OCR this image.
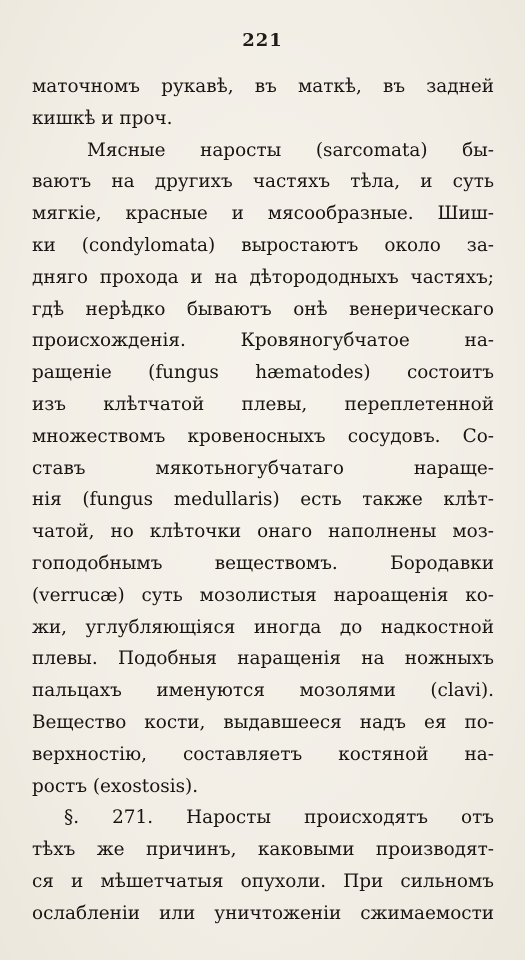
221
маточномъ рукавѣ, въ маткѣ, въ задней
кишкѣ и проч.
Мясные наросты (sarcomata) бы-
ваютъ на другихъ частяхъ тѣла, и суть
мягкіе, красные и мясообразные. Шиш-
ки (condylomata) выростаютъ около за-
дняго прохода и на дѣторододныхъ частяхъ;
гдѣ нерѣдко бываютъ онѣ венерическаго
происхожденія. Кровяногубчатое на-
ращеніе (fungus hæmatodes) состоитъ
изъ клѣтчатой плевы, переплетенной
множествомъ кровеносныхъ сосудовъ. Со-
ставъ мякотьногубчатаго нараще-
нія (fungus medullaris) есть также клѣт-
чатой, но клѣточки онаго наполнены моз-
гоподобнымъ веществомъ. Бородавки
(verrucæ) суть мозолистыя нароащенія ко-
жи, углубляющіяся иногда до надкостной
плевы. Подобныя наращенія на ножныхъ
пальцахъ именуются мозолями (clavi).
Вещество кости, выдавшееся надъ ея по-
верхностію, составляетъ костяной на-
ростъ (exostosis).
§. 271. Наросты происходятъ отъ
тѣхъ же причинъ, каковыми производят-
ся и мѣшетчатыя опухоли. При сильномъ
ослабленіи или уничтоженіи сжимаемости
